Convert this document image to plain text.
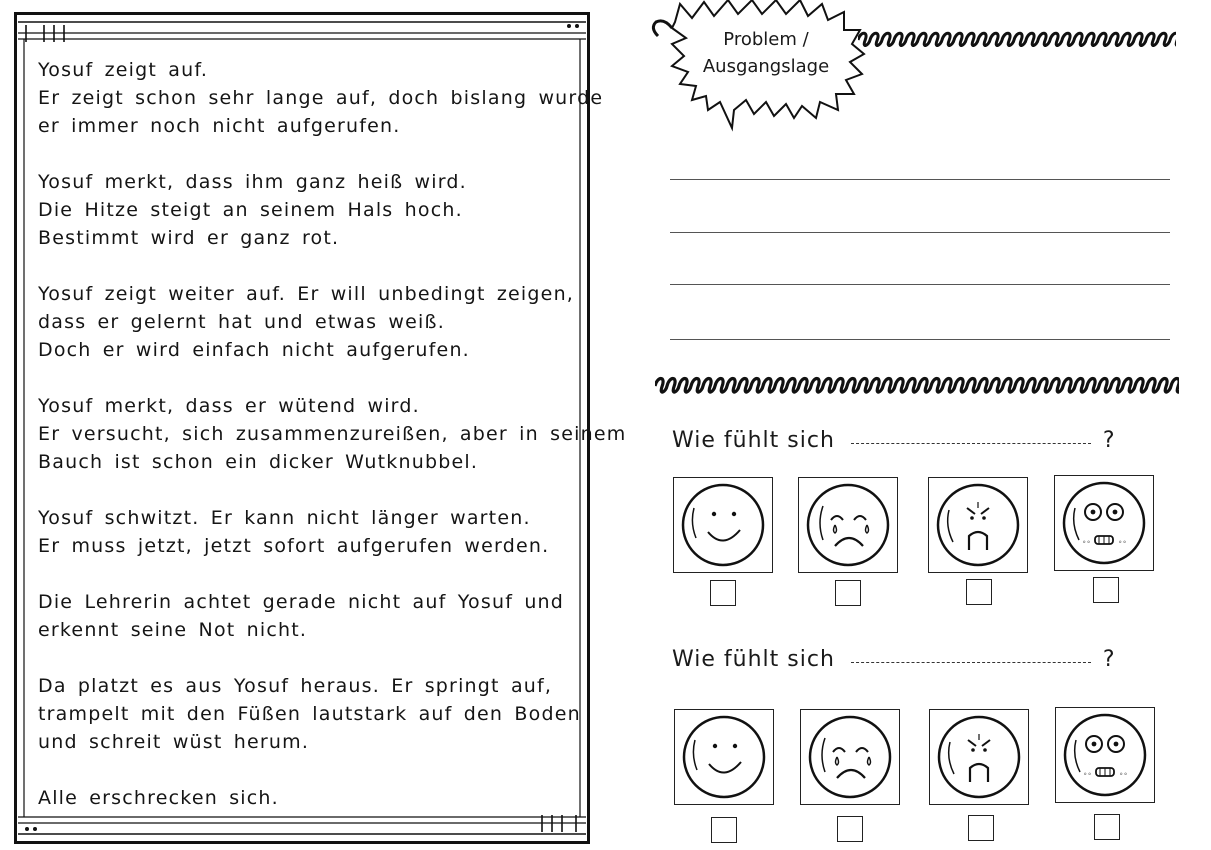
Yosuf zeigt auf.
Er zeigt schon sehr lange auf, doch bislang wurde
er immer noch nicht aufgerufen.

Yosuf merkt, dass ihm ganz heiß wird.
Die Hitze steigt an seinem Hals hoch.
Bestimmt wird er ganz rot.

Yosuf zeigt weiter auf. Er will unbedingt zeigen,
dass er gelernt hat und etwas weiß.
Doch er wird einfach nicht aufgerufen.

Yosuf merkt, dass er wütend wird.
Er versucht, sich zusammenzureißen, aber in seinem
Bauch ist schon ein dicker Wutknubbel.

Yosuf schwitzt. Er kann nicht länger warten.
Er muss jetzt, jetzt sofort aufgerufen werden.

Die Lehrerin achtet gerade nicht auf Yosuf und
erkennt seine Not nicht.

Da platzt es aus Yosuf heraus. Er springt auf,
trampelt mit den Füßen lautstark auf den Boden
und schreit wüst herum.

Alle erschrecken sich.

Problem /
Ausgangslage
Wie fühlt sich	?
∘∘	∘∘
Wie fühlt sich	?
∘∘	∘∘
